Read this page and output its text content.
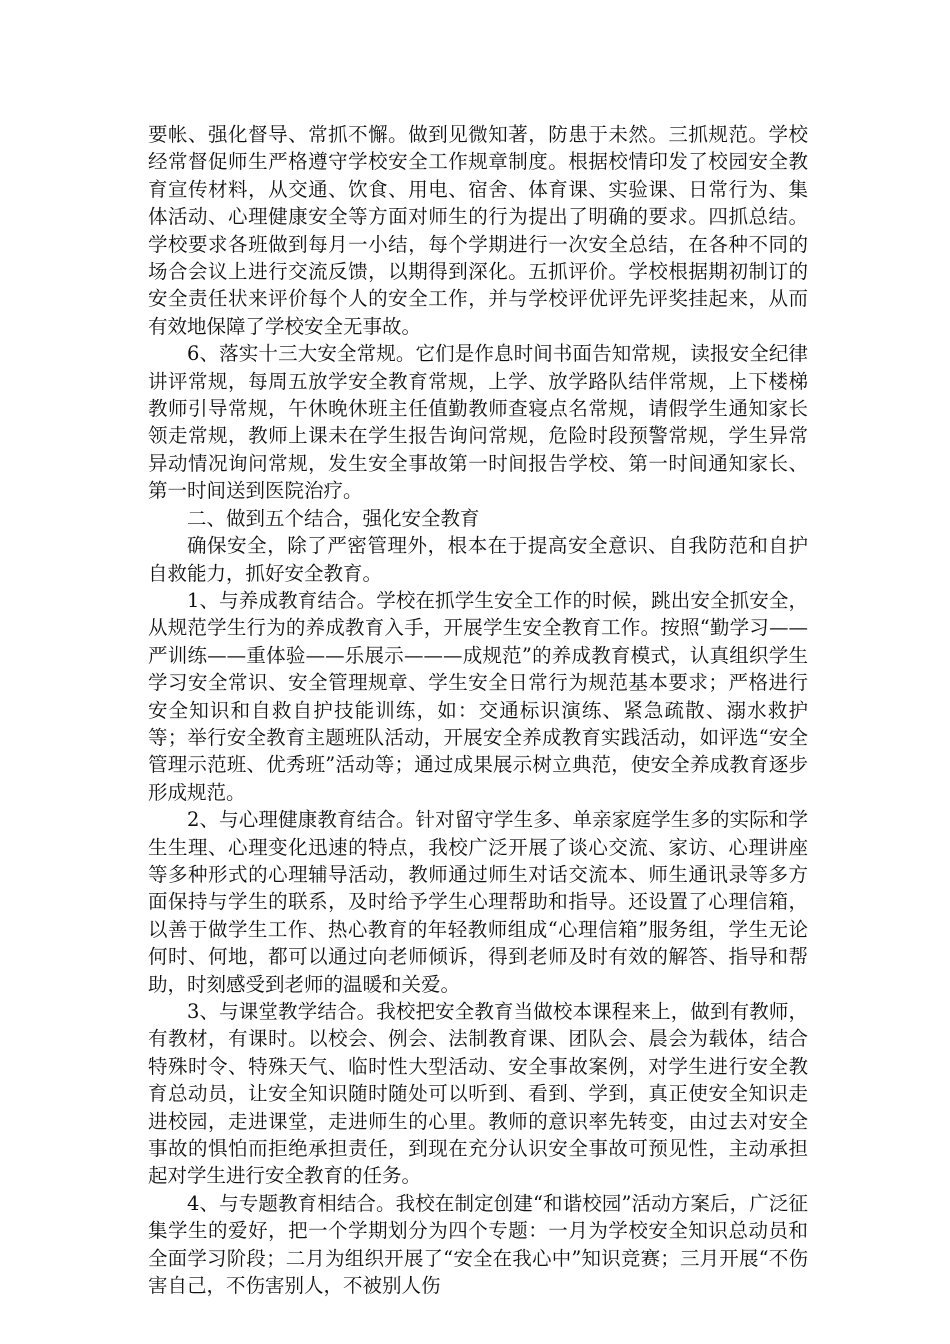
要帐、强化督导、常抓不懈。做到见微知著，防患于未然。三抓规范。学校经常督促师生严格遵守学校安全工作规章制度。根据校情印发了校园安全教育宣传材料，从交通、饮食、用电、宿舍、体育课、实验课、日常行为、集体活动、心理健康安全等方面对师生的行为提出了明确的要求。四抓总结。学校要求各班做到每月一小结，每个学期进行一次安全总结，在各种不同的场合会议上进行交流反馈，以期得到深化。五抓评价。学校根据期初制订的安全责任状来评价每个人的安全工作，并与学校评优评先评奖挂起来，从而有效地保障了学校安全无事故。

6、落实十三大安全常规。它们是作息时间书面告知常规，读报安全纪律讲评常规，每周五放学安全教育常规，上学、放学路队结伴常规，上下楼梯教师引导常规，午休晚休班主任值勤教师查寝点名常规，请假学生通知家长领走常规，教师上课未在学生报告询问常规，危险时段预警常规，学生异常异动情况询问常规，发生安全事故第一时间报告学校、第一时间通知家长、第一时间送到医院治疗。

二、做到五个结合，强化安全教育

确保安全，除了严密管理外，根本在于提高安全意识、自我防范和自护自救能力，抓好安全教育。

1、与养成教育结合。学校在抓学生安全工作的时候，跳出安全抓安全，从规范学生行为的养成教育入手，开展学生安全教育工作。按照“勤学习——严训练——重体验——乐展示———成规范”的养成教育模式，认真组织学生学习安全常识、安全管理规章、学生安全日常行为规范基本要求；严格进行安全知识和自救自护技能训练，如：交通标识演练、紧急疏散、溺水救护等；举行安全教育主题班队活动，开展安全养成教育实践活动，如评选“安全管理示范班、优秀班”活动等；通过成果展示树立典范，使安全养成教育逐步形成规范。

2、与心理健康教育结合。针对留守学生多、单亲家庭学生多的实际和学生生理、心理变化迅速的特点，我校广泛开展了谈心交流、家访、心理讲座等多种形式的心理辅导活动，教师通过师生对话交流本、师生通讯录等多方面保持与学生的联系，及时给予学生心理帮助和指导。还设置了心理信箱，以善于做学生工作、热心教育的年轻教师组成“心理信箱”服务组，学生无论何时、何地，都可以通过向老师倾诉，得到老师及时有效的解答、指导和帮助，时刻感受到老师的温暖和关爱。

3、与课堂教学结合。我校把安全教育当做校本课程来上，做到有教师，有教材，有课时。以校会、例会、法制教育课、团队会、晨会为载体，结合特殊时令、特殊天气、临时性大型活动、安全事故案例，对学生进行安全教育总动员，让安全知识随时随处可以听到、看到、学到，真正使安全知识走进校园，走进课堂，走进师生的心里。教师的意识率先转变，由过去对安全事故的惧怕而拒绝承担责任，到现在充分认识安全事故可预见性，主动承担起对学生进行安全教育的任务。

4、与专题教育相结合。我校在制定创建“和谐校园”活动方案后，广泛征集学生的爱好，把一个学期划分为四个专题：一月为学校安全知识总动员和全面学习阶段；二月为组织开展了“安全在我心中”知识竞赛；三月开展“不伤害自己，不伤害别人，不被别人伤
